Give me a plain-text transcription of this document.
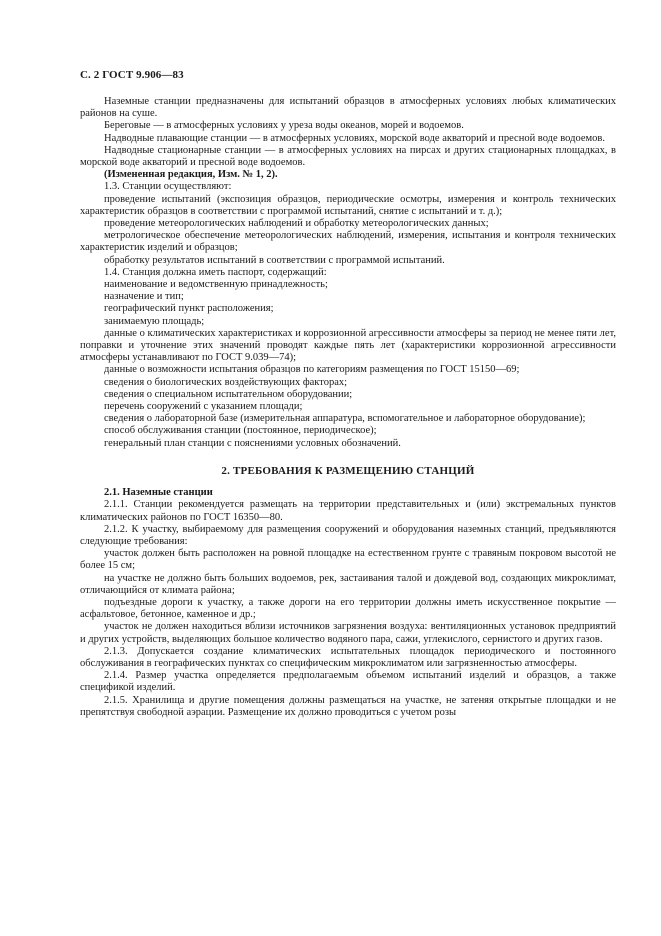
С. 2 ГОСТ 9.906—83

Наземные станции предназначены для испытаний образцов в атмосферных условиях любых климатических районов на суше.

Береговые — в атмосферных условиях у уреза воды океанов, морей и водоемов.

Надводные плавающие станции — в атмосферных условиях, морской воде акваторий и пресной воде водоемов.

Надводные стационарные станции — в атмосферных условиях на пирсах и других стационарных площадках, в морской воде акваторий и пресной воде водоемов.

(Измененная редакция, Изм. № 1, 2).

1.3. Станции осуществляют:

проведение испытаний (экспозиция образцов, периодические осмотры, измерения и контроль технических характеристик образцов в соответствии с программой испытаний, снятие с испытаний и т. д.);

проведение метеорологических наблюдений и обработку метеорологических данных;

метрологическое обеспечение метеорологических наблюдений, измерения, испытания и контроля технических характеристик изделий и образцов;

обработку результатов испытаний в соответствии с программой испытаний.

1.4. Станция должна иметь паспорт, содержащий:

наименование и ведомственную принадлежность;

назначение и тип;

географический пункт расположения;

занимаемую площадь;

данные о климатических характеристиках и коррозионной агрессивности атмосферы за период не менее пяти лет, поправки и уточнение этих значений проводят каждые пять лет (характеристики коррозионной агрессивности атмосферы устанавливают по ГОСТ 9.039—74);

данные о возможности испытания образцов по категориям размещения по ГОСТ 15150—69;

сведения о биологических воздействующих факторах;

сведения о специальном испытательном оборудовании;

перечень сооружений с указанием площади;

сведения о лабораторной базе (измерительная аппаратура, вспомогательное и лабораторное оборудование);

способ обслуживания станции (постоянное, периодическое);

генеральный план станции с пояснениями условных обозначений.

2. ТРЕБОВАНИЯ К РАЗМЕЩЕНИЮ СТАНЦИЙ

2.1. Наземные станции

2.1.1. Станции рекомендуется размещать на территории представительных и (или) экстремальных пунктов климатических районов по ГОСТ 16350—80.

2.1.2. К участку, выбираемому для размещения сооружений и оборудования наземных станций, предъявляются следующие требования:

участок должен быть расположен на ровной площадке на естественном грунте с травяным покровом высотой не более 15 см;

на участке не должно быть больших водоемов, рек, застаивания талой и дождевой вод, создающих микроклимат, отличающийся от климата района;

подъездные дороги к участку, а также дороги на его территории должны иметь искусственное покрытие — асфальтовое, бетонное, каменное и др.;

участок не должен находиться вблизи источников загрязнения воздуха: вентиляционных установок предприятий и других устройств, выделяющих большое количество водяного пара, сажи, углекислого, сернистого и других газов.

2.1.3. Допускается создание климатических испытательных площадок периодического и постоянного обслуживания в географических пунктах со специфическим микроклиматом или загрязненностью атмосферы.

2.1.4. Размер участка определяется предполагаемым объемом испытаний изделий и образцов, а также спецификой изделий.

2.1.5. Хранилища и другие помещения должны размещаться на участке, не затеняя открытые площадки и не препятствуя свободной аэрации. Размещение их должно проводиться с учетом розы
